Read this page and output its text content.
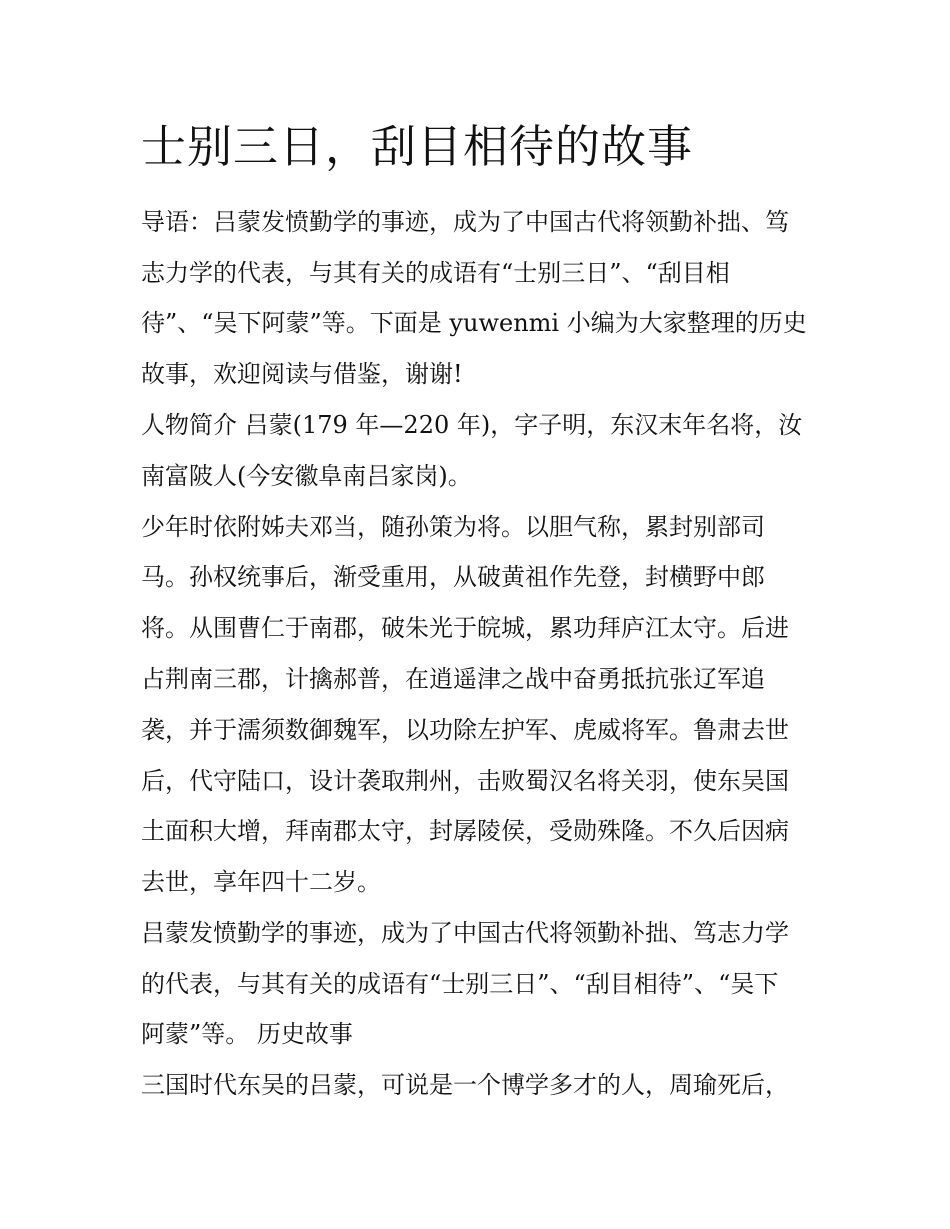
士别三日，刮目相待的故事

导语：吕蒙发愤勤学的事迹，成为了中国古代将领勤补拙、笃

志力学的代表，与其有关的成语有“士别三日”、“刮目相

待”、“吴下阿蒙”等。下面是 yuwenmi 小编为大家整理的历史

故事，欢迎阅读与借鉴，谢谢!

人物简介 吕蒙(179 年—220 年)，字子明，东汉末年名将，汝

南富陂人(今安徽阜南吕家岗)。

少年时依附姊夫邓当，随孙策为将。以胆气称，累封别部司

马。孙权统事后，渐受重用，从破黄祖作先登，封横野中郎

将。从围曹仁于南郡，破朱光于皖城，累功拜庐江太守。后进

占荆南三郡，计擒郝普，在逍遥津之战中奋勇抵抗张辽军追

袭，并于濡须数御魏军，以功除左护军、虎威将军。鲁肃去世

后，代守陆口，设计袭取荆州，击败蜀汉名将关羽，使东吴国

土面积大增，拜南郡太守，封孱陵侯，受勋殊隆。不久后因病

去世，享年四十二岁。

吕蒙发愤勤学的事迹，成为了中国古代将领勤补拙、笃志力学

的代表，与其有关的成语有“士别三日”、“刮目相待”、“吴下

阿蒙”等。 历史故事

三国时代东吴的吕蒙，可说是一个博学多才的人，周瑜死后，
